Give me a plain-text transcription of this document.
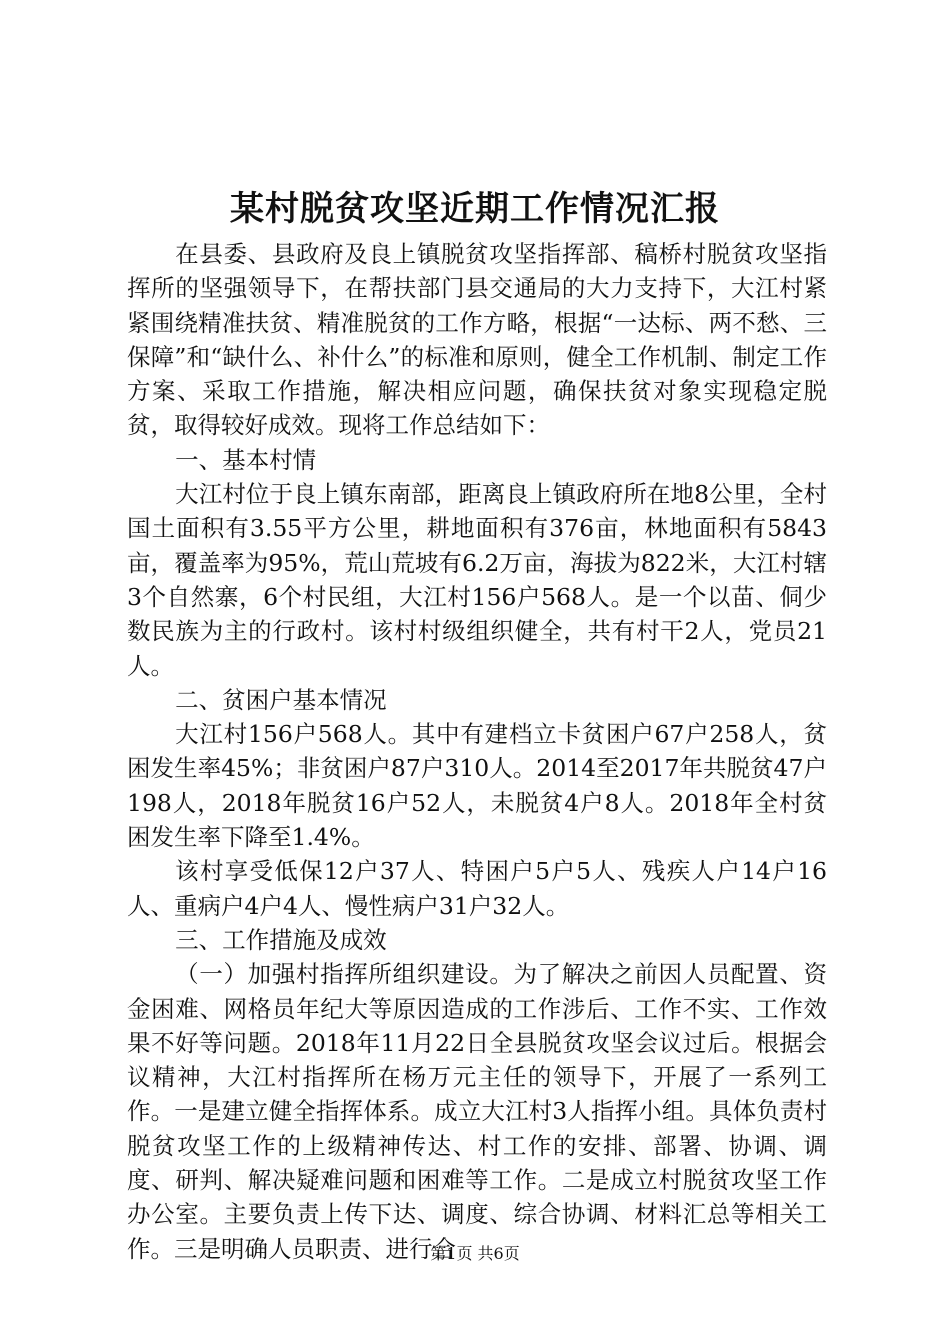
某村脱贫攻坚近期工作情况汇报

在县委、县政府及良上镇脱贫攻坚指挥部、稿桥村脱贫攻坚指挥所的坚强领导下，在帮扶部门县交通局的大力支持下，大江村紧紧围绕精准扶贫、精准脱贫的工作方略，根据“一达标、两不愁、三保障”和“缺什么、补什么”的标准和原则，健全工作机制、制定工作方案、采取工作措施，解决相应问题，确保扶贫对象实现稳定脱贫，取得较好成效。现将工作总结如下：

一、基本村情

大江村位于良上镇东南部，距离良上镇政府所在地8公里，全村国土面积有3.55平方公里，耕地面积有376亩，林地面积有5843亩，覆盖率为95%，荒山荒坡有6.2万亩，海拔为822米，大江村辖3个自然寨，6个村民组，大江村156户568人。是一个以苗、侗少数民族为主的行政村。该村村级组织健全，共有村干2人，党员21人。

二、贫困户基本情况

大江村156户568人。其中有建档立卡贫困户67户258人，贫困发生率45%；非贫困户87户310人。2014至2017年共脱贫47户198人，2018年脱贫16户52人，未脱贫4户8人。2018年全村贫困发生率下降至1.4%。

该村享受低保12户37人、特困户5户5人、残疾人户14户16人、重病户4户4人、慢性病户31户32人。

三、工作措施及成效

（一）加强村指挥所组织建设。为了解决之前因人员配置、资金困难、网格员年纪大等原因造成的工作涉后、工作不实、工作效果不好等问题。2018年11月22日全县脱贫攻坚会议过后。根据会议精神，大江村指挥所在杨万元主任的领导下，开展了一系列工作。一是建立健全指挥体系。成立大江村3人指挥小组。具体负责村脱贫攻坚工作的上级精神传达、村工作的安排、部署、协调、调度、研判、解决疑难问题和困难等工作。二是成立村脱贫攻坚工作办公室。主要负责上传下达、调度、综合协调、材料汇总等相关工作。三是明确人员职责、进行合

第1页 共6页
